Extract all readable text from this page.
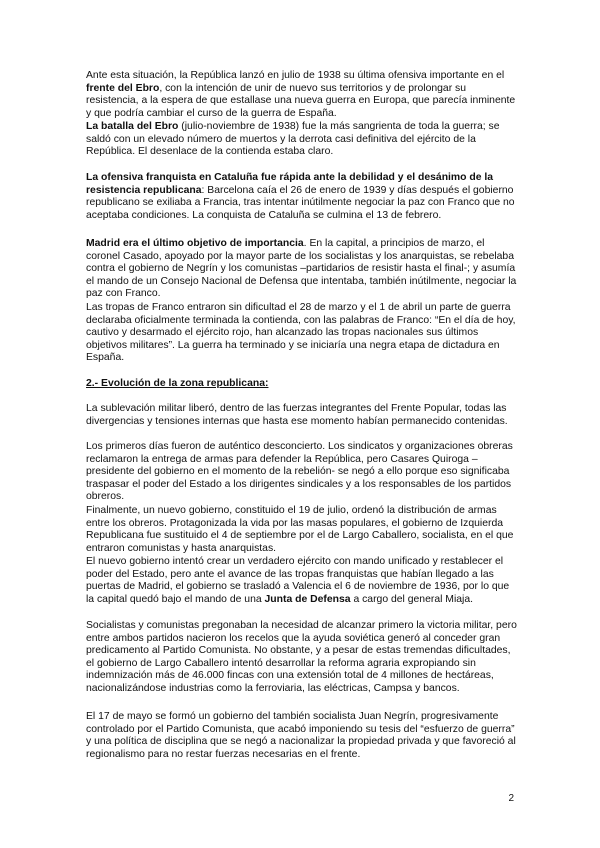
Ante esta situación, la República lanzó en julio de 1938 su última ofensiva importante en el frente del Ebro, con la intención de unir de nuevo sus territorios y de prolongar su resistencia, a la espera de que estallase una nueva guerra en Europa, que parecía inminente y que podría cambiar el curso de la guerra de España.

La batalla del Ebro (julio-noviembre de 1938) fue la más sangrienta de toda la guerra; se saldó con un elevado número de muertos y la derrota casi definitiva del ejército de la República. El desenlace de la contienda estaba claro.

La ofensiva franquista en Cataluña fue rápida ante la debilidad y el desánimo de la resistencia republicana: Barcelona caía el 26 de enero de 1939 y días después el gobierno republicano se exiliaba a Francia, tras intentar inútilmente negociar la paz con Franco que no aceptaba condiciones. La conquista de Cataluña se culmina el 13 de febrero.

Madrid era el último objetivo de importancia. En la capital, a principios de marzo, el coronel Casado, apoyado por la mayor parte de los socialistas y los anarquistas, se rebelaba contra el gobierno de Negrín y los comunistas –partidarios de resistir hasta el final-; y asumía el mando de un Consejo Nacional de Defensa que intentaba, también inútilmente, negociar la paz con Franco.

Las tropas de Franco entraron sin dificultad el 28 de marzo y el 1 de abril un parte de guerra declaraba oficialmente terminada la contienda, con las palabras de Franco: “En el día de hoy, cautivo y desarmado el ejército rojo, han alcanzado las tropas nacionales sus últimos objetivos militares”. La guerra ha terminado y se iniciaría una negra etapa de dictadura en España.

2.- Evolución de la zona republicana:

La sublevación militar liberó, dentro de las fuerzas integrantes del Frente Popular, todas las divergencias y tensiones internas que hasta ese momento habían permanecido contenidas.

Los primeros días fueron de auténtico desconcierto. Los sindicatos y organizaciones obreras reclamaron la entrega de armas para defender la República, pero Casares Quiroga – presidente del gobierno en el momento de la rebelión- se negó a ello porque eso significaba traspasar el poder del Estado a los dirigentes sindicales y a los responsables de los partidos obreros.

Finalmente, un nuevo gobierno, constituido el 19 de julio, ordenó la distribución de armas entre los obreros. Protagonizada la vida por las masas populares, el gobierno de Izquierda Republicana fue sustituido el 4 de septiembre por el de Largo Caballero, socialista, en el que entraron comunistas y hasta anarquistas.

El nuevo gobierno intentó crear un verdadero ejército con mando unificado y restablecer el poder del Estado, pero ante el avance de las tropas franquistas que habían llegado a las puertas de Madrid, el gobierno se trasladó a Valencia el 6 de noviembre de 1936, por lo que la capital quedó bajo el mando de una Junta de Defensa a cargo del general Miaja.

Socialistas y comunistas pregonaban la necesidad de alcanzar primero la victoria militar, pero entre ambos partidos nacieron los recelos que la ayuda soviética generó al conceder gran predicamento al Partido Comunista. No obstante, y a pesar de estas tremendas dificultades, el gobierno de Largo Caballero intentó desarrollar la reforma agraria expropiando sin indemnización más de 46.000 fincas con una extensión total de 4 millones de hectáreas, nacionalizándose industrias como la ferroviaria, las eléctricas, Campsa y bancos.

El 17 de mayo se formó un gobierno del también socialista Juan Negrín, progresivamente controlado por el Partido Comunista, que acabó imponiendo su tesis del “esfuerzo de guerra” y una política de disciplina que se negó a nacionalizar la propiedad privada y que favoreció al regionalismo para no restar fuerzas necesarias en el frente.

2
